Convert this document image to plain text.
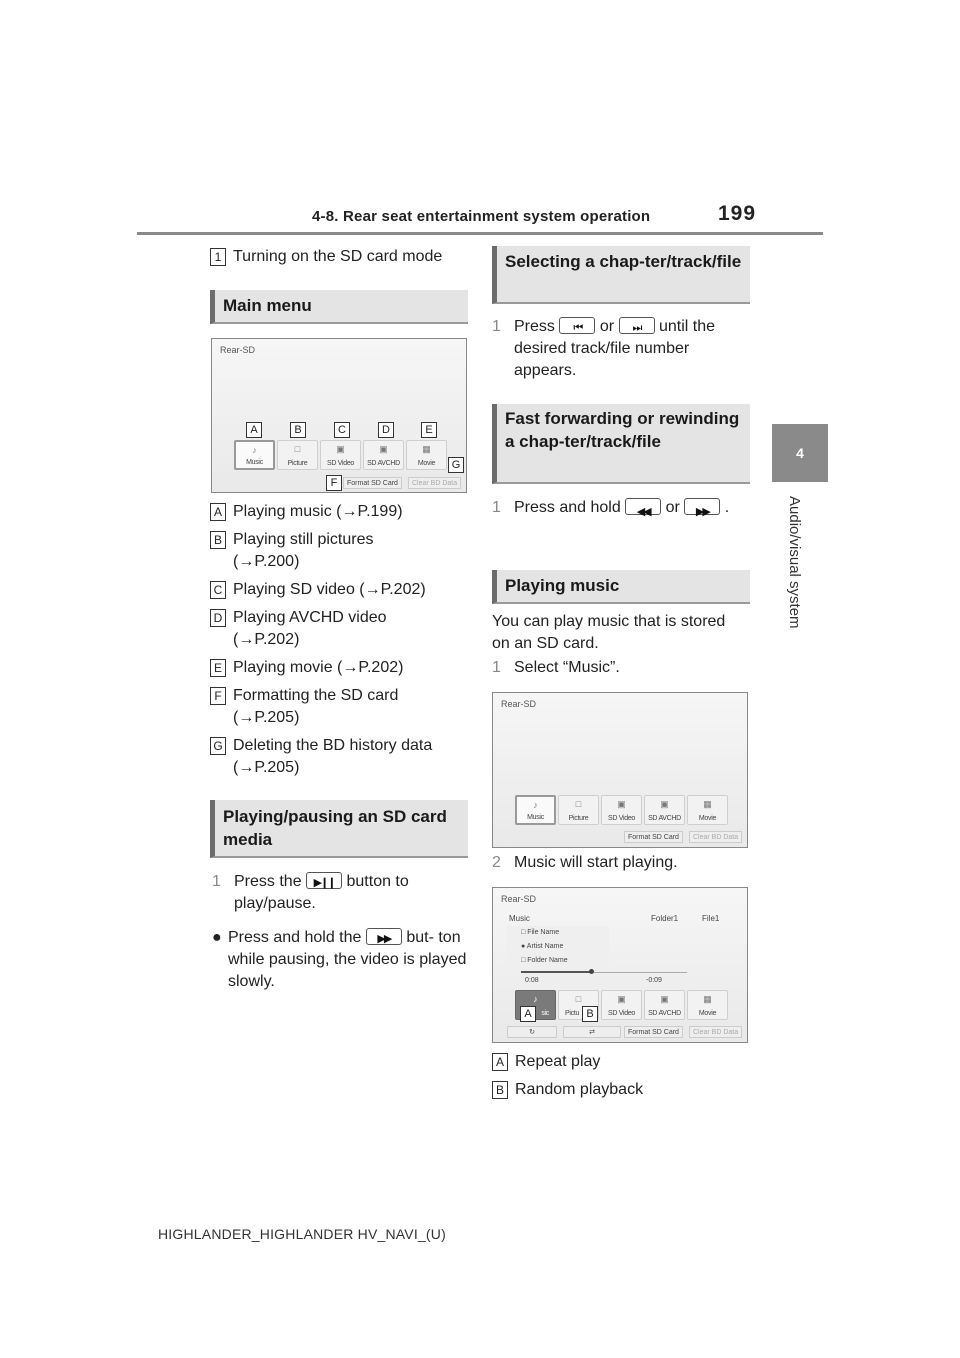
4-8. Rear seat entertainment system operation	199
4
Audio/visual system
1 Turning on the SD card mode
Main menu
Rear-SD
A	B	C	D	E
G
♪
Music
□
Picture
▣
SD Video
▣
SD AVCHD
▦
Movie
F	Format SD Card	Clear BD Data
A Playing music (→P.199)
B Playing still pictures (→P.200)
C Playing SD video (→P.202)
D Playing AVCHD video (→P.202)
E Playing movie (→P.202)
F Formatting the SD card (→P.205)
G Deleting the BD history data (→P.205)
Playing/pausing an SD card media
1 Press the	▶❙❙ button to play/pause.
● Press and hold the	▶▶	but- ton while pausing, the video is played slowly.
Selecting a chap-ter/track/file
1 Press	⏮	or	⏭	until the desired track/file number appears.
Fast forwarding or rewinding a chap-ter/track/file
1 Press and hold	◀◀	or	▶▶	.
Playing music
You can play music that is stored on an SD card.
1 Select “Music”.
Rear-SD
♪
Music
□
Picture
▣
SD Video
▣
SD AVCHD
▦
Movie
Format SD Card	Clear BD Data
2 Music will start playing.
Rear-SD
Music	Folder1	File1
□ File Name
● Artist Name
□ Folder Name
0:08	-0:09
♪
sic
□
Pictu
▣
SD Video
▣
SD AVCHD
▦
Movie
A	B
↻	⇄	Format SD Card	Clear BD Data
A Repeat play
B Random playback
HIGHLANDER_HIGHLANDER HV_NAVI_(U)
